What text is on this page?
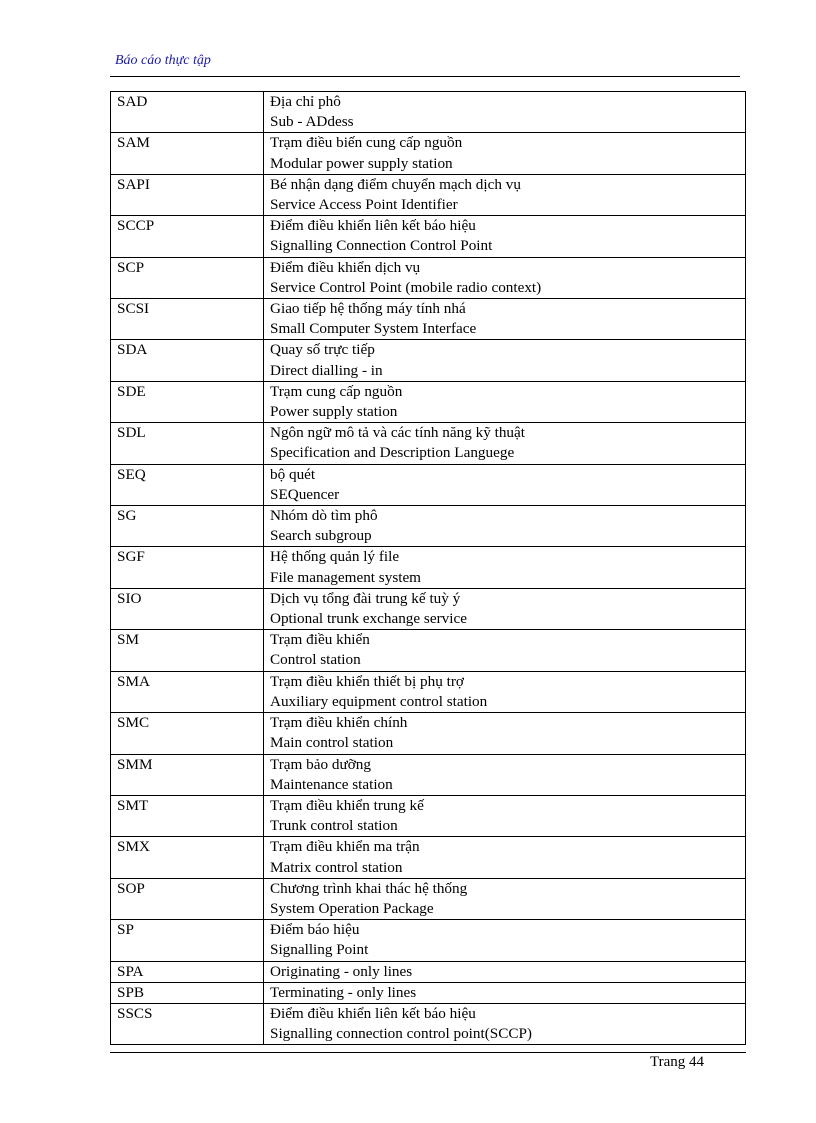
Báo cáo thực tập
SAD	Địa chỉ phô
Sub - ADdess

SAM	Trạm điều biến cung cấp nguồn
Modular power supply station

SAPI	Bé nhận dạng điểm chuyển mạch dịch vụ
Service Access Point Identifier

SCCP	Điểm điều khiển liên kết báo hiệu
Signalling Connection Control Point

SCP	Điểm điều khiển dịch vụ
Service Control Point (mobile radio context)

SCSI	Giao tiếp hệ thống máy tính nhá
Small Computer System Interface

SDA	Quay số trực tiếp
Direct dialling - in

SDE	Trạm cung cấp nguồn
Power supply station

SDL	Ngôn ngữ mô tả và các tính năng kỹ thuật
Specification and Description Languege

SEQ	bộ quét
SEQuencer

SG	Nhóm dò tìm phô
Search subgroup

SGF	Hệ thống quản lý file
File management system

SIO	Dịch vụ tổng đài trung kế tuỳ ý
Optional trunk exchange service

SM	Trạm điều khiển
Control station

SMA	Trạm điều khiển thiết bị phụ trợ
Auxiliary equipment control station

SMC	Trạm điều khiển chính
Main control station

SMM	Trạm bảo dưỡng
Maintenance station

SMT	Trạm điều khiển trung kế
Trunk control station

SMX	Trạm điều khiển ma trận
Matrix control station

SOP	Chương trình khai thác hệ thống
System Operation Package

SP	Điểm báo hiệu
Signalling Point

SPA	Originating - only lines

SPB	Terminating - only lines

SSCS	Điểm điều khiển liên kết báo hiệu
Signalling connection control point(SCCP)
Trang 44
